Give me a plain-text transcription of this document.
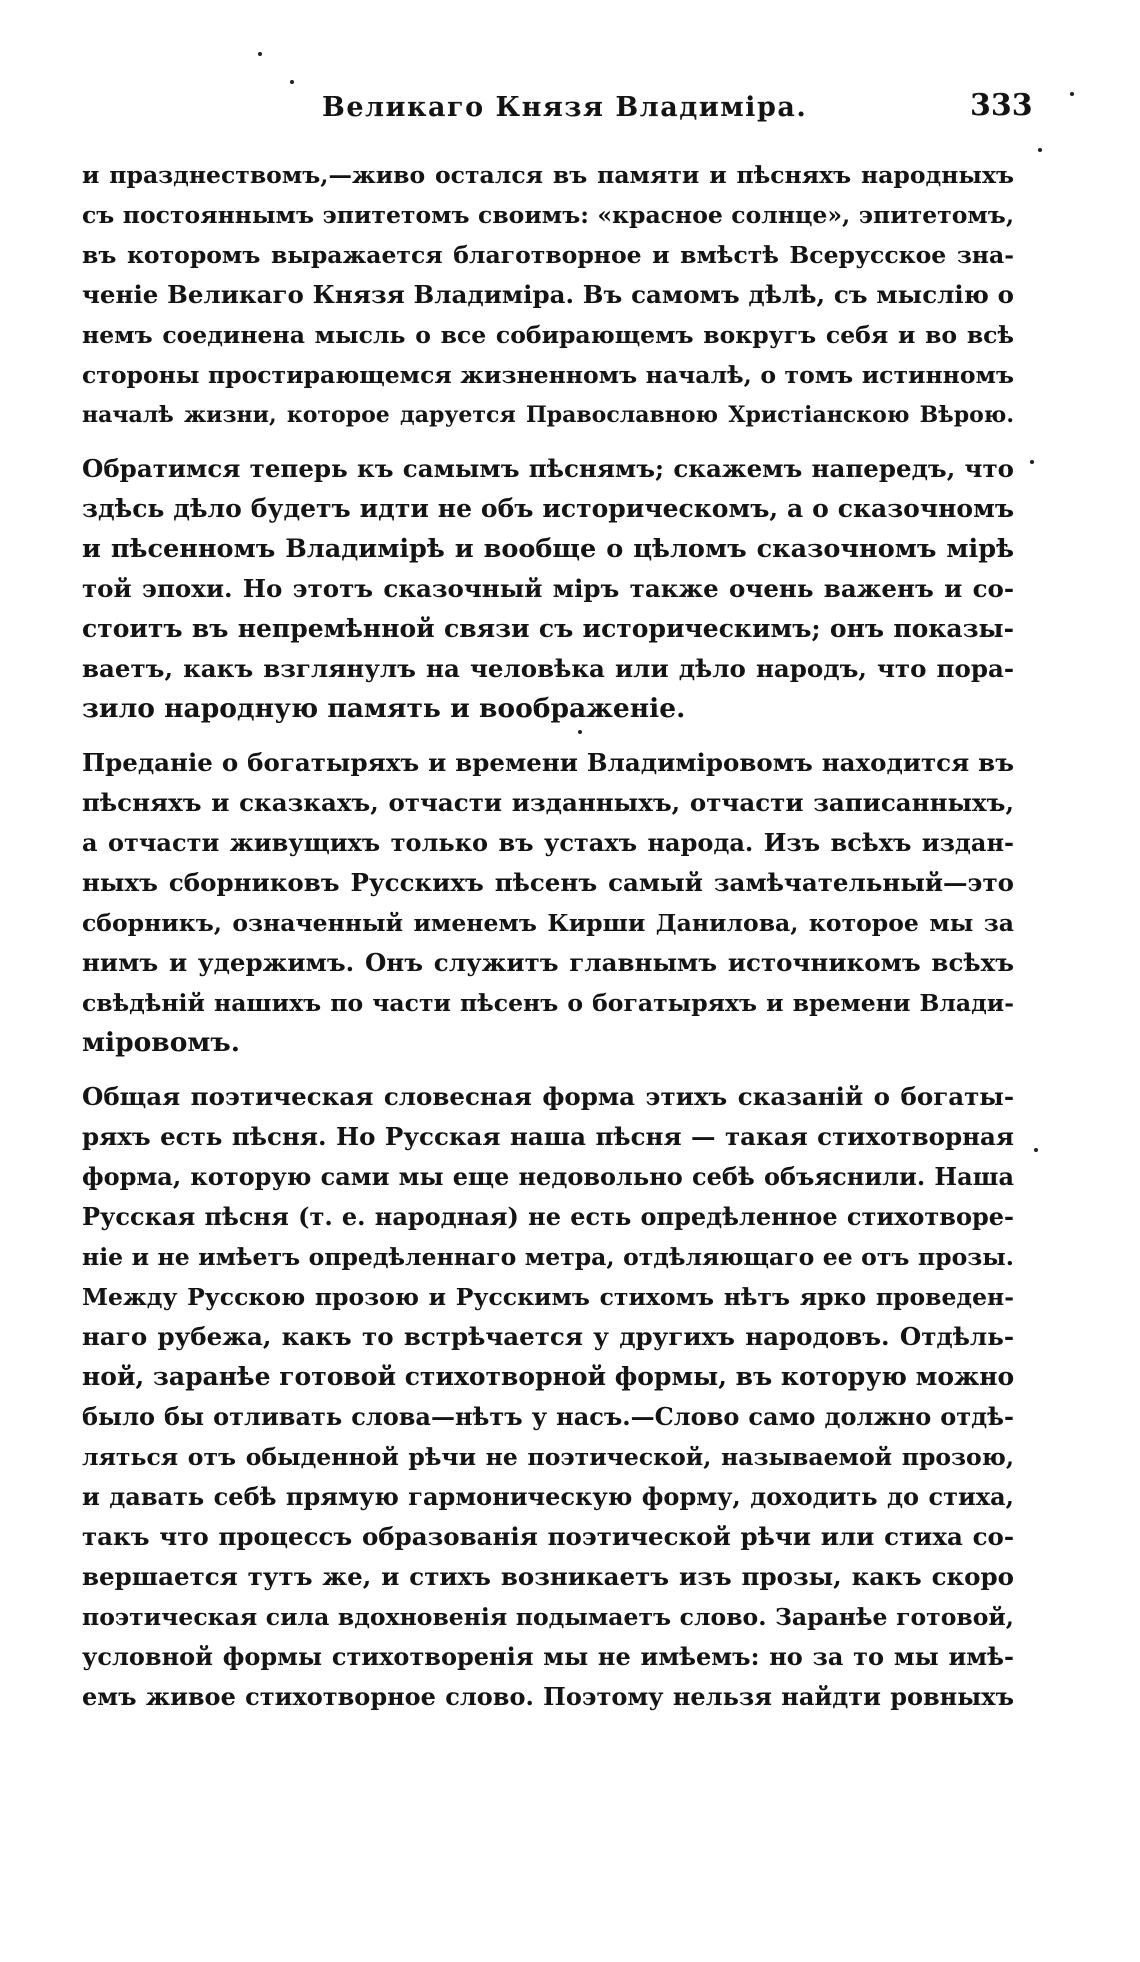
Великаго Князя Владиміра.	333
и празднествомъ,—живо остался въ памяти и пѣсняхъ народныхъ
съ постояннымъ эпитетомъ своимъ: «красное солнце», эпитетомъ,
въ которомъ выражается благотворное и вмѣстѣ Всерусское зна-
ченіе Великаго Князя Владиміра. Въ самомъ дѣлѣ, съ мыслію о
немъ соединена мысль о все собирающемъ вокругъ себя и во всѣ
стороны простирающемся жизненномъ началѣ, о томъ истинномъ
началѣ жизни, которое даруется Православною Христіанскою Вѣрою.
Обратимся теперь къ самымъ пѣснямъ; скажемъ напередъ, что
здѣсь дѣло будетъ идти не объ историческомъ, а о сказочномъ
и пѣсенномъ Владимірѣ и вообще о цѣломъ сказочномъ мірѣ
той эпохи. Но этотъ сказочный міръ также очень важенъ и со-
стоитъ въ непремѣнной связи съ историческимъ; онъ показы-
ваетъ, какъ взглянулъ на человѣка или дѣло народъ, что пора-
зило народную память и воображеніе.
Преданіе о богатыряхъ и времени Владиміровомъ находится въ
пѣсняхъ и сказкахъ, отчасти изданныхъ, отчасти записанныхъ,
а отчасти живущихъ только въ устахъ народа. Изъ всѣхъ издан-
ныхъ сборниковъ Русскихъ пѣсенъ самый замѣчательный—это
сборникъ, означенный именемъ Кирши Данилова, которое мы за
нимъ и удержимъ. Онъ служитъ главнымъ источникомъ всѣхъ
свѣдѣній нашихъ по части пѣсенъ о богатыряхъ и времени Влади-
міровомъ.
Общая поэтическая словесная форма этихъ сказаній о богаты-
ряхъ есть пѣсня. Но Русская наша пѣсня — такая стихотворная
форма, которую сами мы еще недовольно себѣ объяснили. Наша
Русская пѣсня (т. е. народная) не есть опредѣленное стихотворе-
ніе и не имѣетъ опредѣленнаго метра, отдѣляющаго ее отъ прозы.
Между Русскою прозою и Русскимъ стихомъ нѣтъ ярко проведен-
наго рубежа, какъ то встрѣчается у другихъ народовъ. Отдѣль-
ной, заранѣе готовой стихотворной формы, въ которую можно
было бы отливать слова—нѣтъ у насъ.—Слово само должно отдѣ-
ляться отъ обыденной рѣчи не поэтической, называемой прозою,
и давать себѣ прямую гармоническую форму, доходить до стиха,
такъ что процессъ образованія поэтической рѣчи или стиха со-
вершается тутъ же, и стихъ возникаетъ изъ прозы, какъ скоро
поэтическая сила вдохновенія подымаетъ слово. Заранѣе готовой,
условной формы стихотворенія мы не имѣемъ: но за то мы имѣ-
емъ живое стихотворное слово. Поэтому нельзя найдти ровныхъ
